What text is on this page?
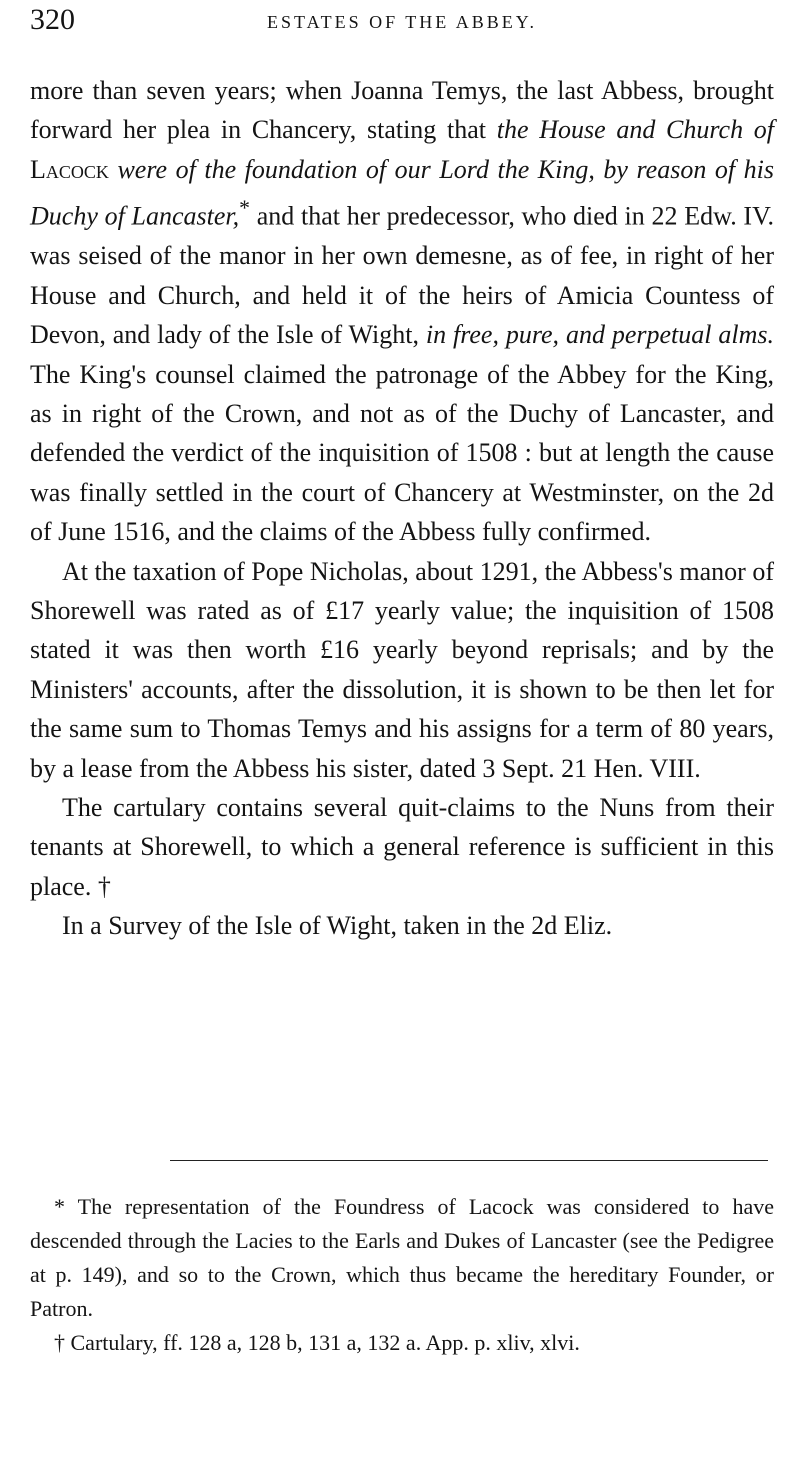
320	ESTATES OF THE ABBEY.

more than seven years; when Joanna Temys, the last Abbess, brought forward her plea in Chancery, stating that the House and Church of Lacock were of the foundation of our Lord the King, by reason of his Duchy of Lancaster,* and that her predecessor, who died in 22 Edw. IV. was seised of the manor in her own demesne, as of fee, in right of her House and Church, and held it of the heirs of Amicia Countess of Devon, and lady of the Isle of Wight, in free, pure, and perpetual alms. The King's counsel claimed the patronage of the Abbey for the King, as in right of the Crown, and not as of the Duchy of Lancaster, and defended the verdict of the inquisition of 1508 : but at length the cause was finally settled in the court of Chancery at Westminster, on the 2d of June 1516, and the claims of the Abbess fully confirmed.

At the taxation of Pope Nicholas, about 1291, the Abbess's manor of Shorewell was rated as of £17 yearly value; the inquisition of 1508 stated it was then worth £16 yearly beyond reprisals; and by the Ministers' accounts, after the dissolution, it is shown to be then let for the same sum to Thomas Temys and his assigns for a term of 80 years, by a lease from the Abbess his sister, dated 3 Sept. 21 Hen. VIII.

The cartulary contains several quit-claims to the Nuns from their tenants at Shorewell, to which a general reference is sufficient in this place. †

In a Survey of the Isle of Wight, taken in the 2d Eliz.

* The representation of the Foundress of Lacock was considered to have descended through the Lacies to the Earls and Dukes of Lancaster (see the Pedigree at p. 149), and so to the Crown, which thus became the hereditary Founder, or Patron.

† Cartulary, ff. 128 a, 128 b, 131 a, 132 a. App. p. xliv, xlvi.
